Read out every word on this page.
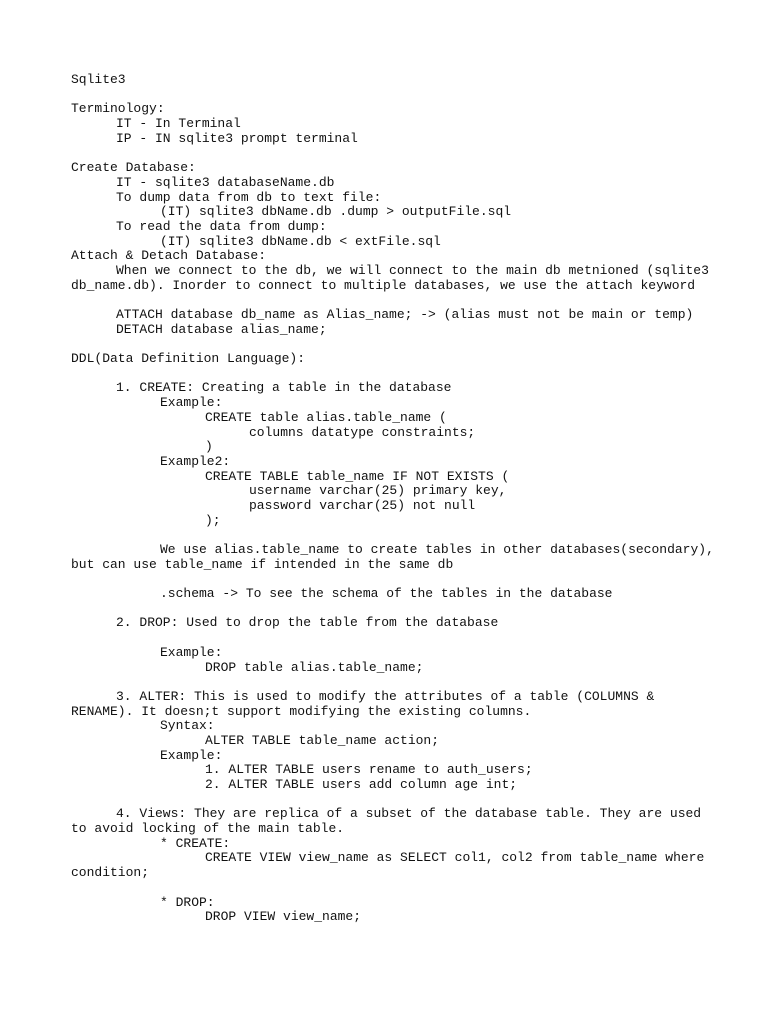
Sqlite3
Terminology:
IT - In Terminal
IP - IN sqlite3 prompt terminal
Create Database:
IT - sqlite3 databaseName.db
To dump data from db to text file:
(IT) sqlite3 dbName.db .dump > outputFile.sql
To read the data from dump:
(IT) sqlite3 dbName.db < extFile.sql
Attach & Detach Database:
When we connect to the db, we will connect to the main db metnioned (sqlite3
db_name.db). Inorder to connect to multiple databases, we use the attach keyword
ATTACH database db_name as Alias_name; -> (alias must not be main or temp)
DETACH database alias_name;
DDL(Data Definition Language):
1. CREATE: Creating a table in the database
Example:
CREATE table alias.table_name (
columns datatype constraints;
)
Example2:
CREATE TABLE table_name IF NOT EXISTS (
username varchar(25) primary key,
password varchar(25) not null
);
We use alias.table_name to create tables in other databases(secondary),
but can use table_name if intended in the same db
.schema -> To see the schema of the tables in the database
2. DROP: Used to drop the table from the database
Example:
DROP table alias.table_name;
3. ALTER: This is used to modify the attributes of a table (COLUMNS &
RENAME). It doesn;t support modifying the existing columns.
Syntax:
ALTER TABLE table_name action;
Example:
1. ALTER TABLE users rename to auth_users;
2. ALTER TABLE users add column age int;
4. Views: They are replica of a subset of the database table. They are used
to avoid locking of the main table.
* CREATE:
CREATE VIEW view_name as SELECT col1, col2 from table_name where
condition;
* DROP:
DROP VIEW view_name;
